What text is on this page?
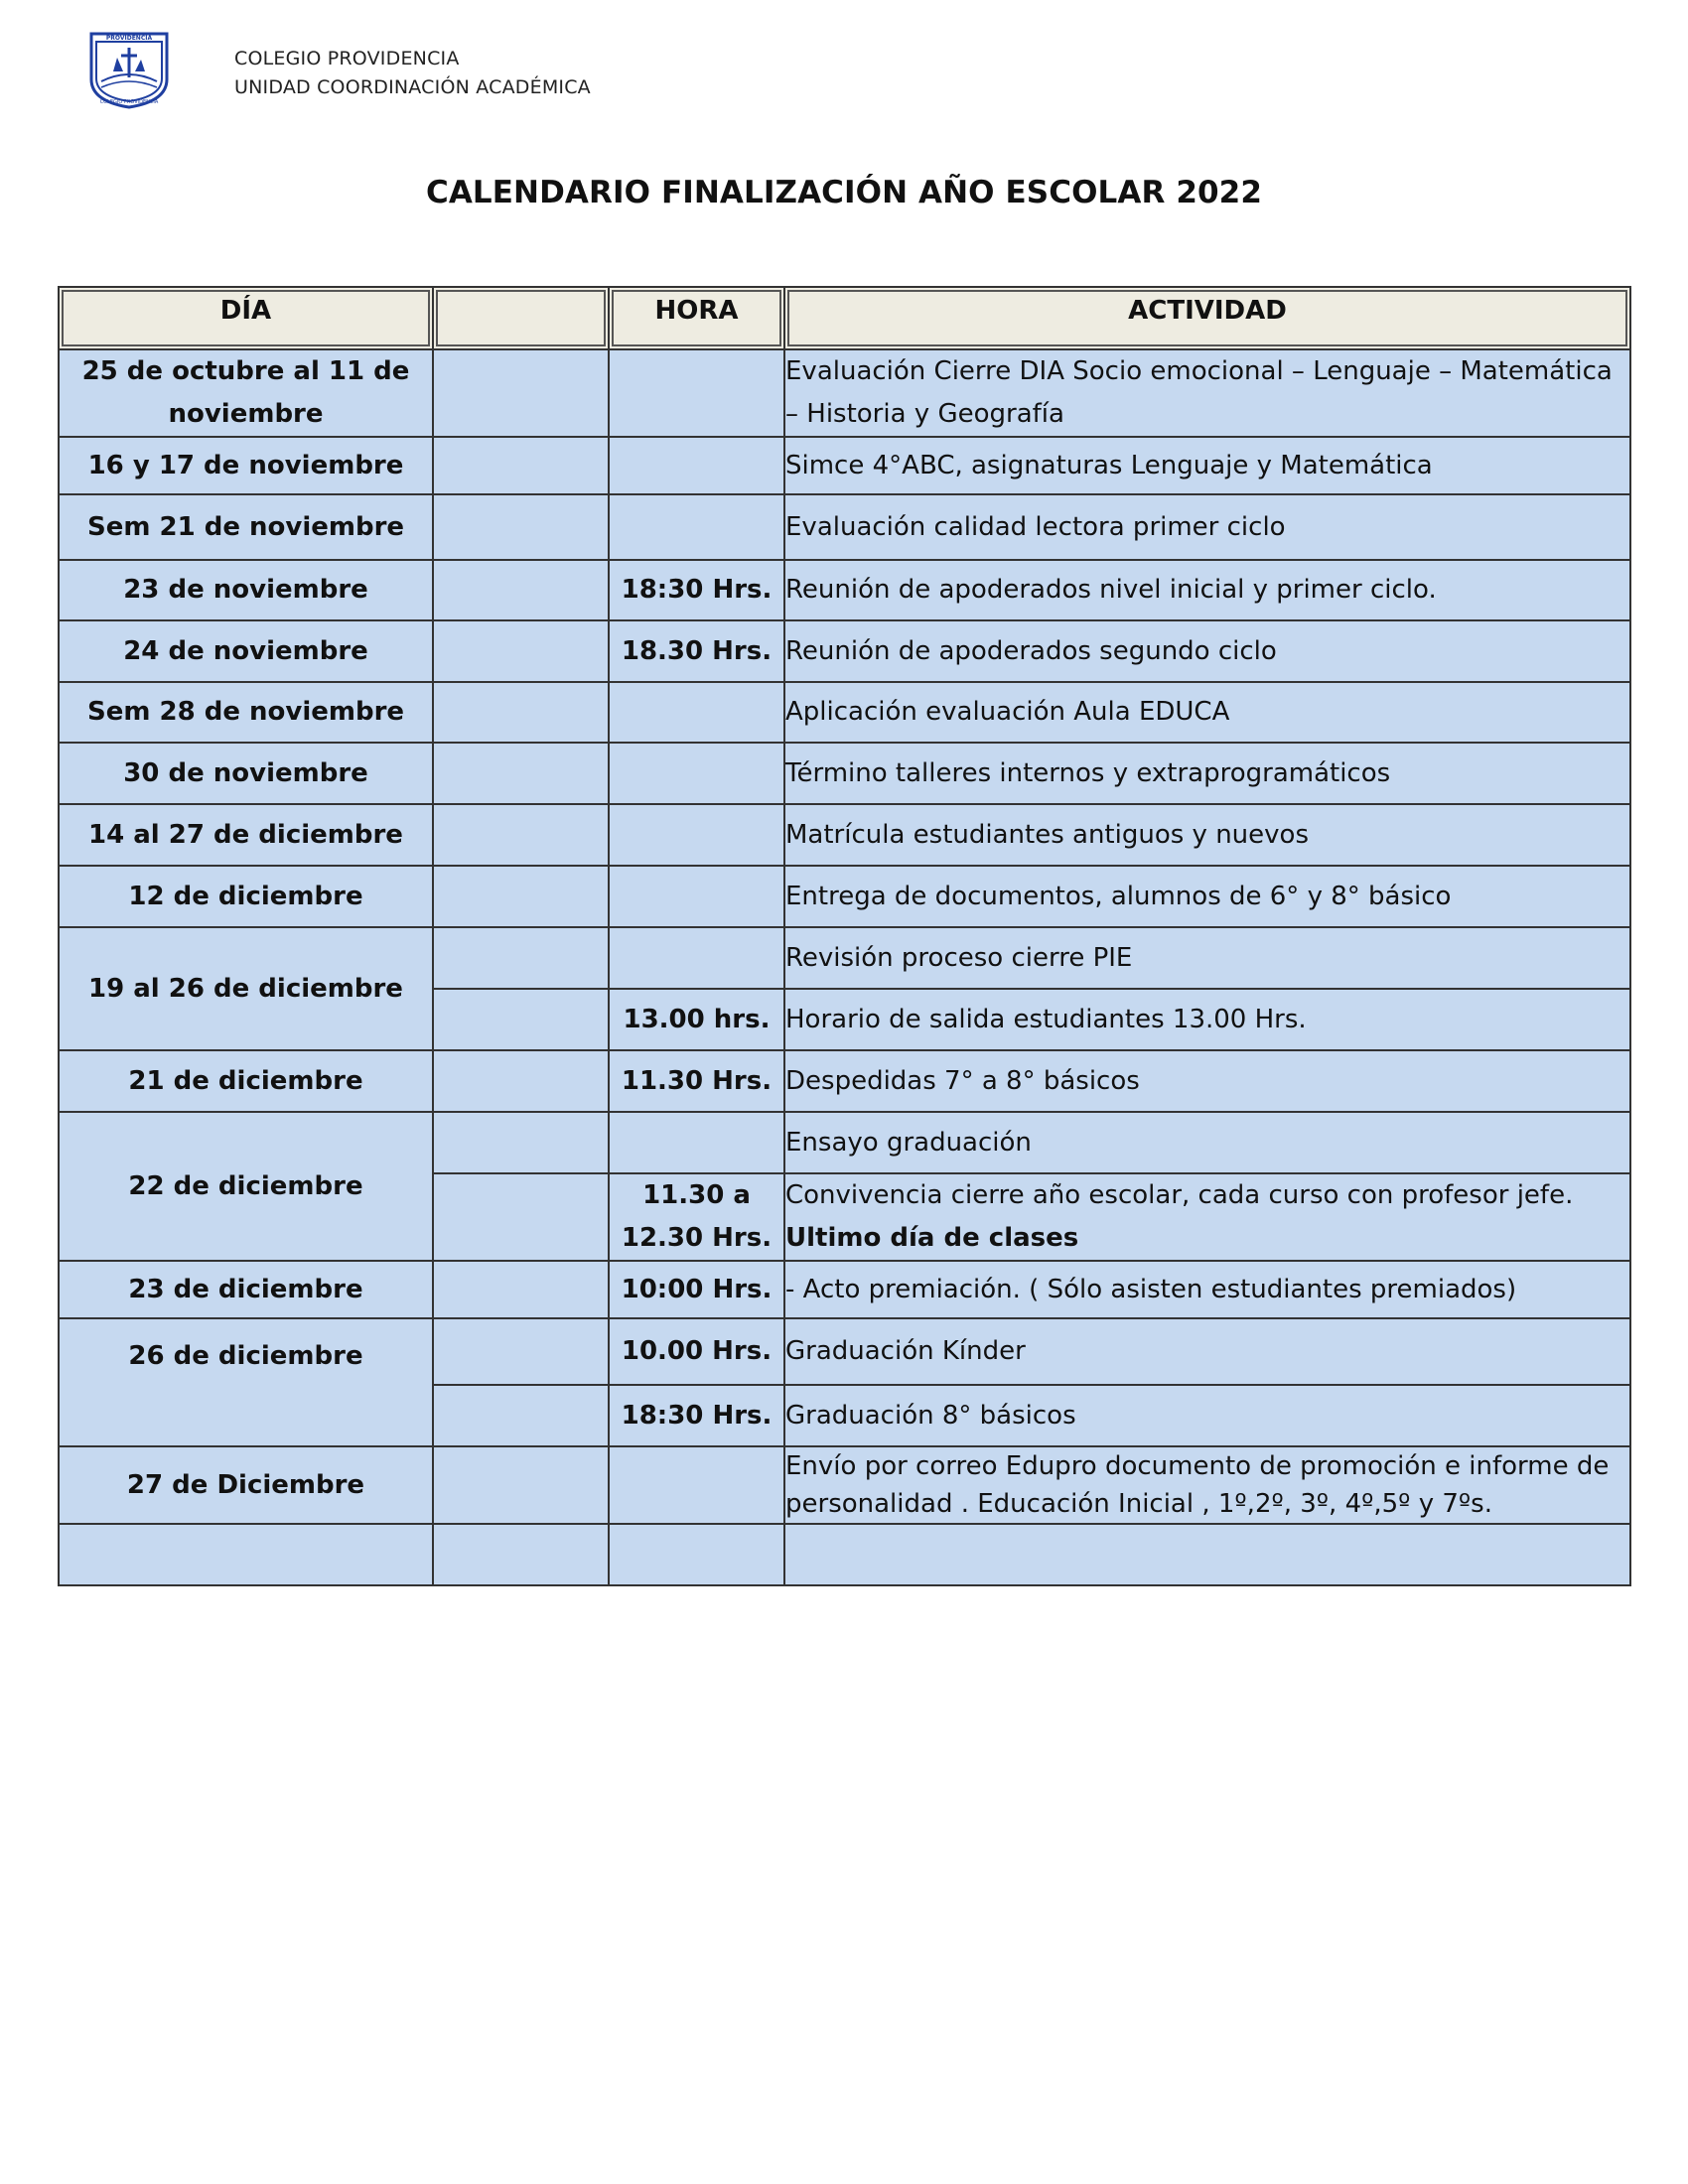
PROVIDENCIA
COLEGIO PROVIDENCIA
COLEGIO PROVIDENCIA
UNIDAD COORDINACIÓN ACADÉMICA
CALENDARIO FINALIZACIÓN AÑO ESCOLAR 2022
DÍA		HORA	ACTIVIDAD
25 de octubre al 11 de noviembre			Evaluación Cierre DIA Socio emocional – Lenguaje – Matemática – Historia y Geografía
16 y 17 de noviembre			Simce 4°ABC, asignaturas Lenguaje y Matemática
Sem 21 de noviembre			Evaluación calidad lectora primer ciclo
23 de noviembre		18:30 Hrs.	Reunión de apoderados nivel inicial y primer ciclo.
24 de noviembre		18.30 Hrs.	Reunión de apoderados segundo ciclo
Sem 28 de noviembre			Aplicación evaluación Aula EDUCA
30 de noviembre			Término talleres internos y extraprogramáticos
14 al 27 de diciembre			Matrícula estudiantes antiguos y nuevos
12 de diciembre			Entrega de documentos, alumnos de 6° y 8° básico
19 al 26 de diciembre			Revisión proceso cierre PIE
		13.00 hrs.	Horario de salida estudiantes 13.00 Hrs.
21 de diciembre		11.30 Hrs.	Despedidas 7° a 8° básicos
22 de diciembre			Ensayo graduación
		11.30 a 12.30 Hrs.	Convivencia cierre año escolar, cada curso con profesor jefe.
Ultimo día de clases

23 de diciembre		10:00 Hrs.	- Acto premiación. ( Sólo asisten estudiantes premiados)
26 de diciembre		10.00 Hrs.	Graduación Kínder
		18:30 Hrs.	Graduación 8° básicos
27 de Diciembre			Envío por correo Edupro documento de promoción e informe de personalidad . Educación Inicial , 1º,2º, 3º, 4º,5º y 7ºs.
